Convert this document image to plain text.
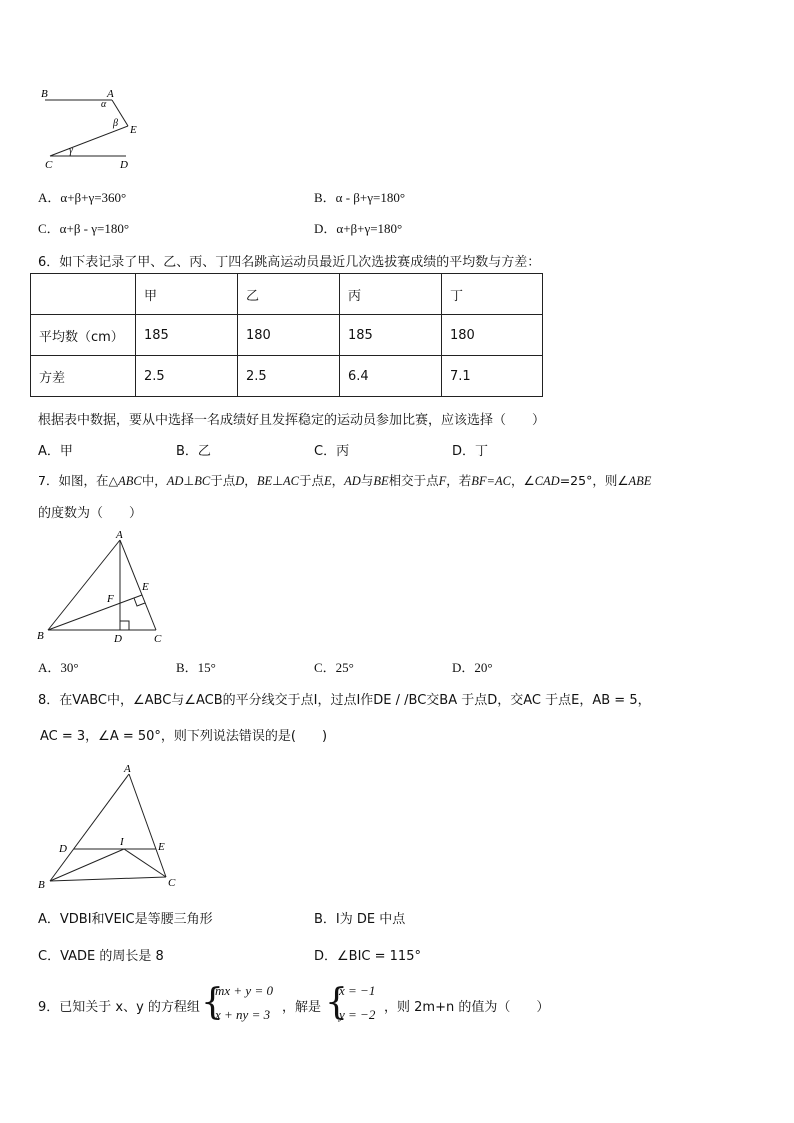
B	A
α
β
E
γ
C	D
A．α+β+γ=360°	B．α - β+γ=180°
C．α+β - γ=180°	D．α+β+γ=180°
6．如下表记录了甲、乙、丙、丁四名跳高运动员最近几次选拔赛成绩的平均数与方差：
	甲	乙	丙	丁
平均数（cm）	185	180	185	180
方差	2.5	2.5	6.4	7.1
根据表中数据，要从中选择一名成绩好且发挥稳定的运动员参加比赛，应该选择（　　）
A．甲	B．乙	C．丙	D．丁
7．如图，在△ABC中，AD⊥BC于点D，BE⊥AC于点E，AD与BE相交于点F，若BF=AC，∠CAD=25°，则∠ABE
的度数为（　　）
A
E
F
B	D	C
A．30°	B．15°	C．25°	D．20°
8．在VABC中，∠ABC与∠ACB的平分线交于点I，过点I作DE / /BC交BA 于点D，交AC 于点E，AB = 5，
AC = 3，∠A = 50°，则下列说法错误的是(　　)
A
D
I	E
B	C
A．VDBI和VEIC是等腰三角形	B．I为 DE 中点
C．VADE 的周长是 8	D．∠BIC = 115°
9．已知关于 x、y 的方程组 {
mx + y = 0
x + ny = 3 ，解是 {
x = −1
y = −2 ，则 2m+n 的值为（　　）
